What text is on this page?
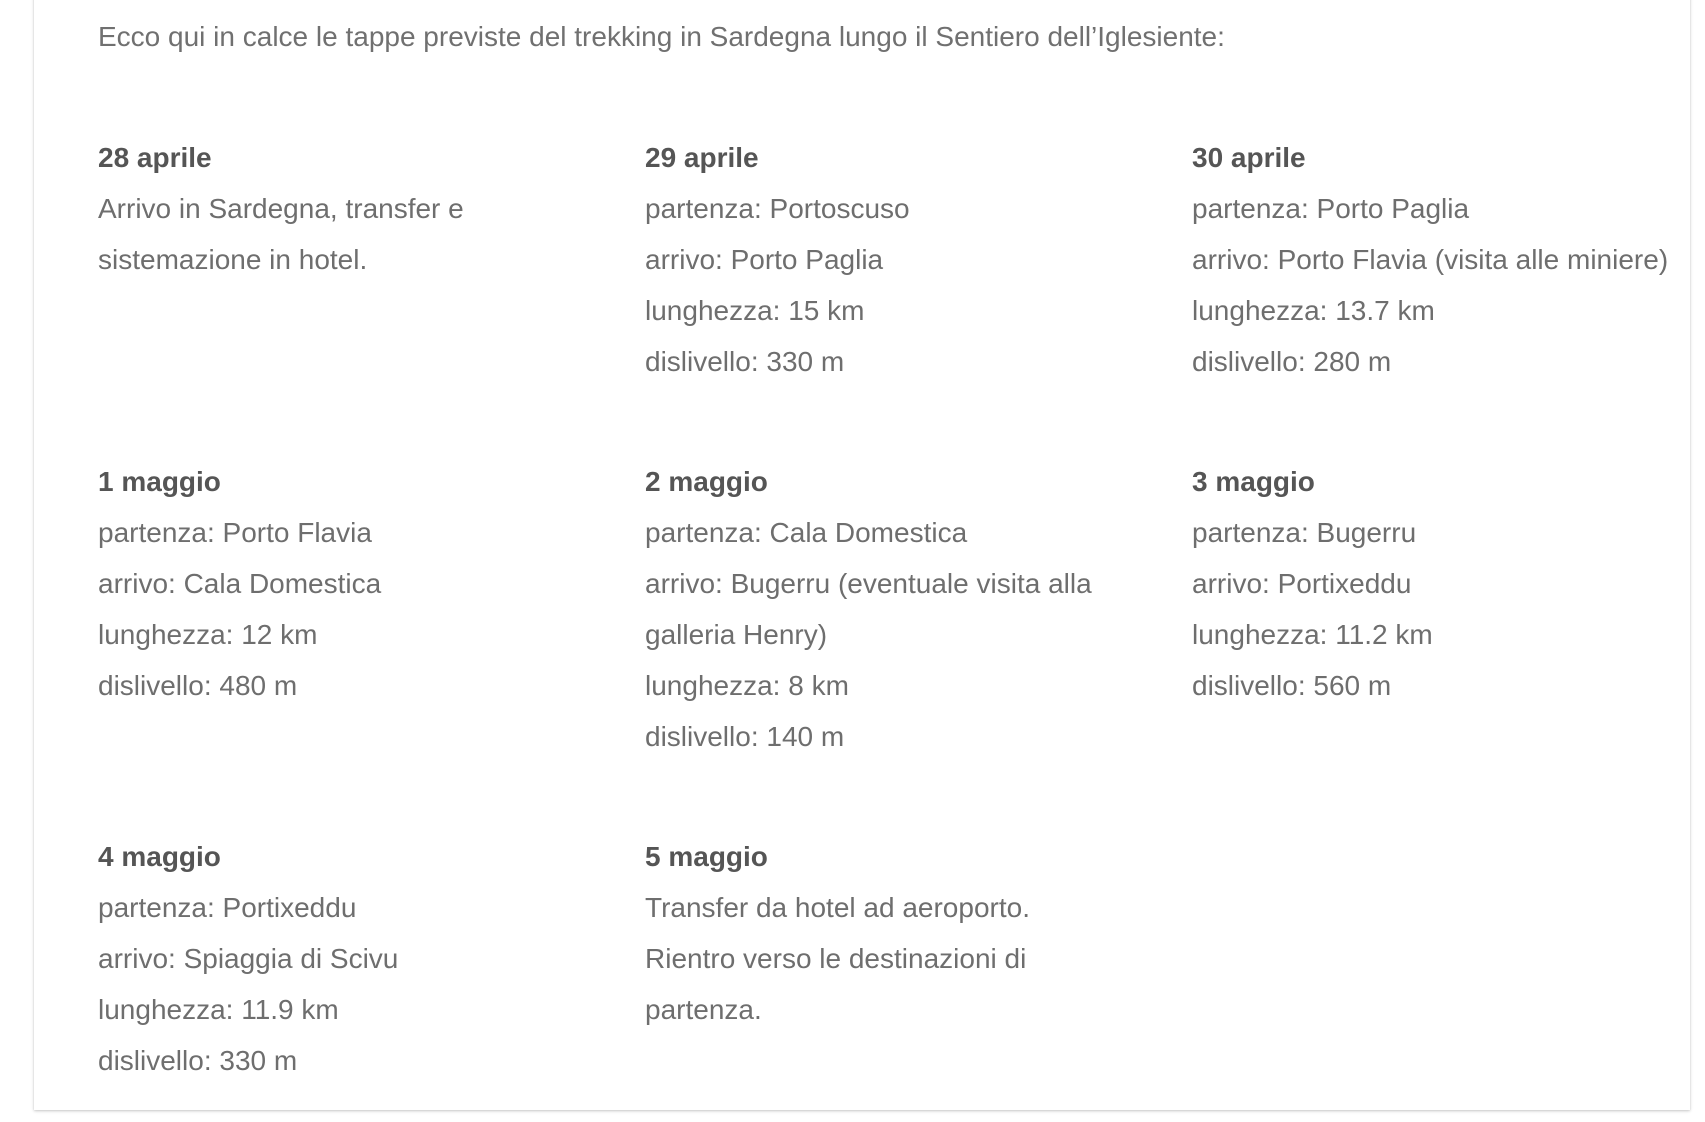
Ecco qui in calce le tappe previste del trekking in Sardegna lungo il Sentiero dell’Iglesiente:

28 aprile

Arrivo in Sardegna, transfer e sistemazione in hotel.

29 aprile

partenza: Portoscuso

arrivo: Porto Paglia

lunghezza: 15 km

dislivello: 330 m

30 aprile

partenza: Porto Paglia

arrivo: Porto Flavia (visita alle miniere)

lunghezza: 13.7 km

dislivello: 280 m

1 maggio

partenza: Porto Flavia

arrivo: Cala Domestica

lunghezza: 12 km

dislivello: 480 m

2 maggio

partenza: Cala Domestica

arrivo: Bugerru (eventuale visita alla galleria Henry)

lunghezza: 8 km

dislivello: 140 m

3 maggio

partenza: Bugerru

arrivo: Portixeddu

lunghezza: 11.2 km

dislivello: 560 m

4 maggio

partenza: Portixeddu

arrivo: Spiaggia di Scivu

lunghezza: 11.9 km

dislivello: 330 m

5 maggio

Transfer da hotel ad aeroporto. Rientro verso le destinazioni di partenza.
